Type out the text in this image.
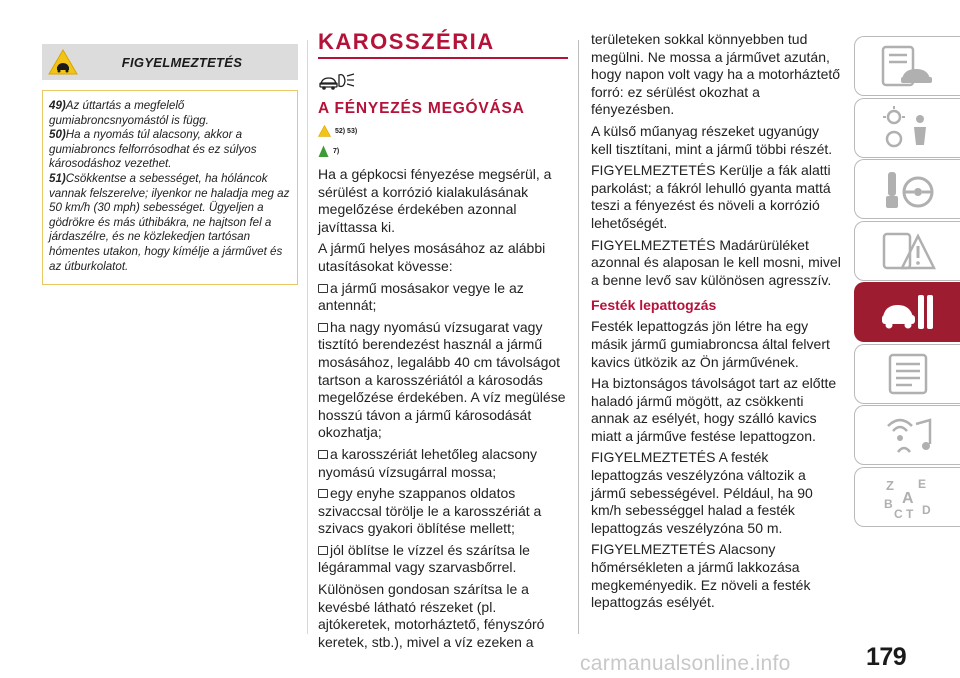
FIGYELMEZTETÉS

49)Az úttartás a megfelelő gumiabroncsnyomástól is függ.

50)Ha a nyomás túl alacsony, akkor a gumiabroncs felforrósodhat és ez súlyos károsodáshoz vezethet.

51)Csökkentse a sebességet, ha hóláncok vannak felszerelve; ilyenkor ne haladja meg az 50 km/h (30 mph) sebességet. Ügyeljen a gödrökre és más úthibákra, ne hajtson fel a járdaszélre, és ne közlekedjen tartósan hómentes utakon, hogy kímélje a járművet és az útburkolatot.

KAROSSZÉRIA
A FÉNYEZÉS MEGÓVÁSA
52) 53)
7)

Ha a gépkocsi fényezése megsérül, a sérülést a korrózió kialakulásának megelőzése érdekében azonnal javíttassa ki.

A jármű helyes mosásához az alábbi utasításokat kövesse:

a jármű mosásakor vegye le az antennát;

ha nagy nyomású vízsugarat vagy tisztító berendezést használ a jármű mosásához, legalább 40 cm távolságot tartson a karosszériától a károsodás megelőzése érdekében. A víz megülése hosszú távon a jármű károsodását okozhatja;

a karosszériát lehetőleg alacsony nyomású vízsugárral mossa;

egy enyhe szappanos oldatos szivaccsal törölje le a karosszériát a szivacs gyakori öblítése mellett;

jól öblítse le vízzel és szárítsa le légárammal vagy szarvasbőrrel.

Különösen gondosan szárítsa le a kevésbé látható részeket (pl. ajtókeretek, motorháztető, fényszóró keretek, stb.), mivel a víz ezeken a

területeken sokkal könnyebben tud megülni. Ne mossa a járművet azután, hogy napon volt vagy ha a motorháztető forró: ez sérülést okozhat a fényezésben.

A külső műanyag részeket ugyanúgy kell tisztítani, mint a jármű többi részét.

FIGYELMEZTETÉS Kerülje a fák alatti parkolást; a fákról lehulló gyanta mattá teszi a fényezést és növeli a korrózió lehetőségét.

FIGYELMEZTETÉS Madárürüléket azonnal és alaposan le kell mosni, mivel a benne levő sav különösen agresszív.

Festék lepattogzás

Festék lepattogzás jön létre ha egy másik jármű gumiabroncsa által felvert kavics ütközik az Ön járművének.

Ha biztonságos távolságot tart az előtte haladó jármű mögött, az csökkenti annak az esélyét, hogy szálló kavics miatt a járműve festése lepattogzon.

FIGYELMEZTETÉS A festék lepattogzás veszélyzóna változik a jármű sebességével. Például, ha 90 km/h sebességgel halad a festék lepattogzás veszélyzóna 50 m.

FIGYELMEZTETÉS Alacsony hőmérsékleten a jármű lakkozása megkeményedik. Ez növeli a festék lepattogzás esélyét.

Z E
A
B
C T D
179
carmanualsonline.info
